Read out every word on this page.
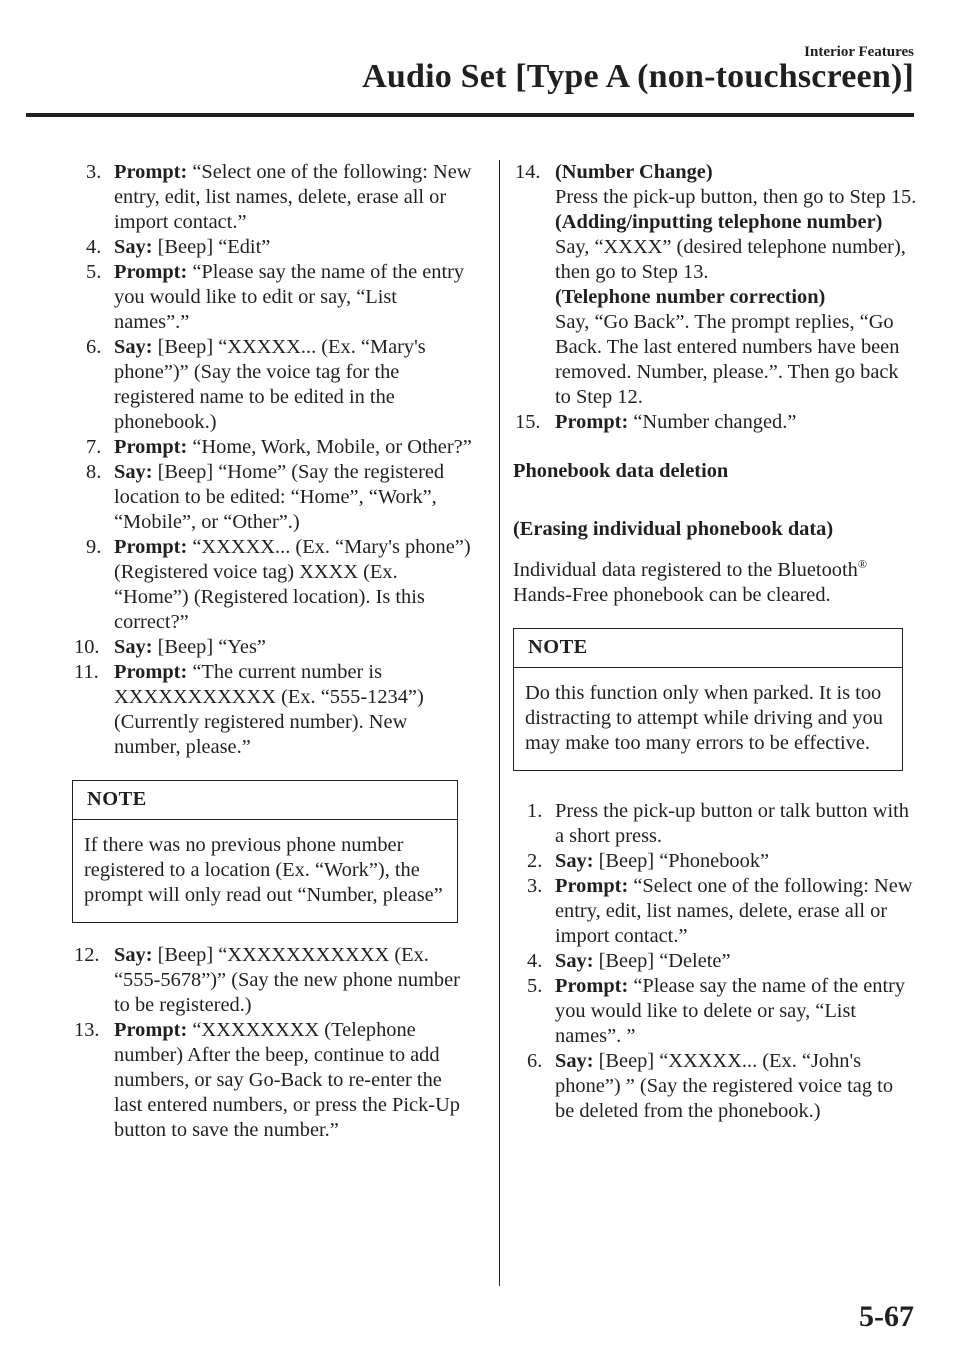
Interior Features
Audio Set [Type A (non-touchscreen)]
3. Prompt: “Select one of the following: New entry, edit, list names, delete, erase all or import contact.”
4. Say: [Beep] “Edit”
5. Prompt: “Please say the name of the entry you would like to edit or say, “List names”.”
6. Say: [Beep] “XXXXX... (Ex. “Mary's phone”)” (Say the voice tag for the registered name to be edited in the phonebook.)
7. Prompt: “Home, Work, Mobile, or Other?”
8. Say: [Beep] “Home” (Say the registered location to be edited: “Home”, “Work”, “Mobile”, or “Other”.)
9. Prompt: “XXXXX... (Ex. “Mary's phone”) (Registered voice tag) XXXX (Ex. “Home”) (Registered location). Is this correct?”
10. Say: [Beep] “Yes”
11. Prompt: “The current number is XXXXXXXXXXX (Ex. “555-1234”) (Currently registered number). New number, please.”
NOTE
If there was no previous phone number registered to a location (Ex. “Work”), the prompt will only read out “Number, please”
12. Say: [Beep] “XXXXXXXXXXX (Ex. “555-5678”)” (Say the new phone number to be registered.)
13. Prompt: “XXXXXXXX (Telephone number) After the beep, continue to add numbers, or say Go-Back to re-enter the last entered numbers, or press the Pick-Up button to save the number.”
14. (Number Change)
Press the pick-up button, then go to Step 15.
(Adding/inputting telephone number)
Say, “XXXX” (desired telephone number), then go to Step 13.
(Telephone number correction)
Say, “Go Back”. The prompt replies, “Go Back. The last entered numbers have been removed. Number, please.”. Then go back to Step 12.
15. Prompt: “Number changed.”
Phonebook data deletion
(Erasing individual phonebook data)
Individual data registered to the Bluetooth® Hands-Free phonebook can be cleared.
NOTE
Do this function only when parked. It is too distracting to attempt while driving and you may make too many errors to be effective.
1. Press the pick-up button or talk button with a short press.
2. Say: [Beep] “Phonebook”
3. Prompt: “Select one of the following: New entry, edit, list names, delete, erase all or import contact.”
4. Say: [Beep] “Delete”
5. Prompt: “Please say the name of the entry you would like to delete or say, “List names”. ”
6. Say: [Beep] “XXXXX... (Ex. “John's phone”) ” (Say the registered voice tag to be deleted from the phonebook.)
5-67
